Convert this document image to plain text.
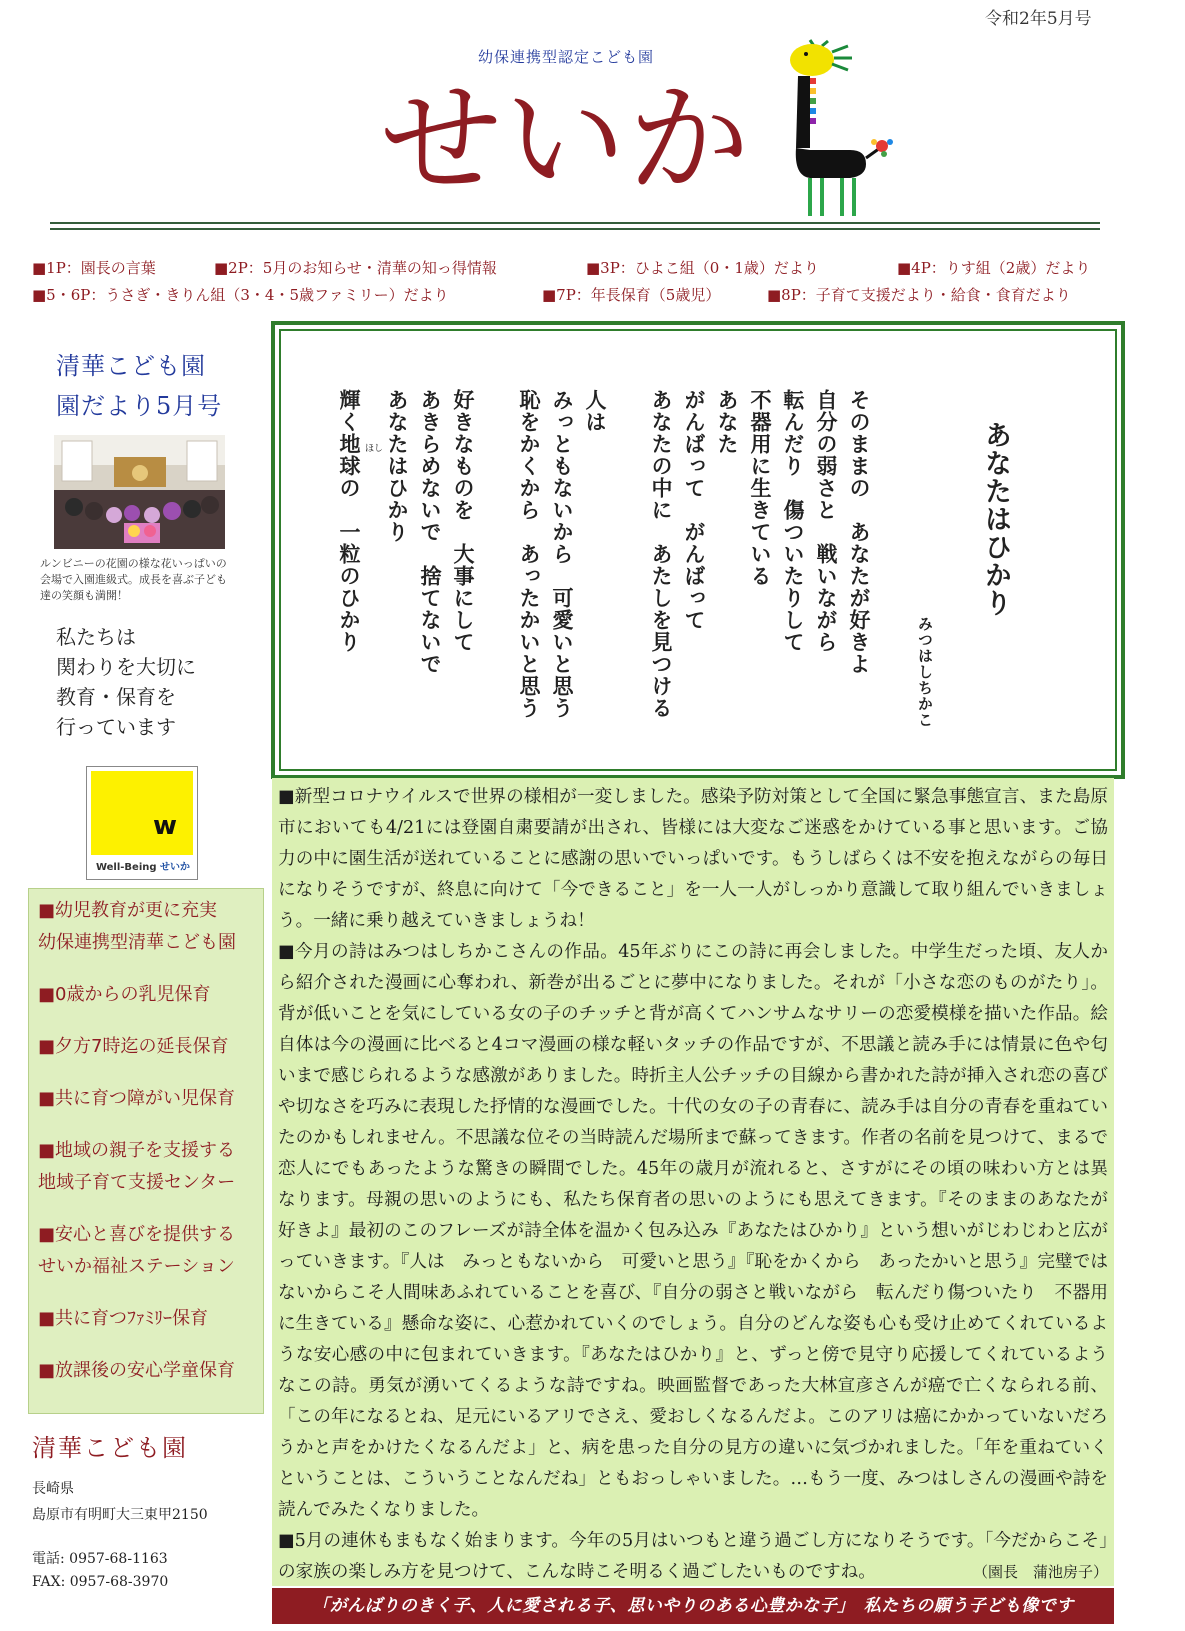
令和2年5月号
幼保連携型認定こども園
せいか
■1P：園長の言葉	■2P：5月のお知らせ・清華の知っ得情報	■3P：ひよこ組（0・1歳）だより	■4P：りす組（2歳）だより
■5・6P：うさぎ・きりん組（3・4・5歳ファミリー）だより	■7P：年長保育（5歳児）	■8P：子育て支援だより・給食・食育だより
清華こども園
園だより5月号
ルンビニーの花園の様な花いっぱいの会場で入園進級式。成長を喜ぶ子ども達の笑顔も満開！
私たちは
関わりを大切に
教育・保育を
行っています
w
Well-Being せいか
■幼児教育が更に充実
幼保連携型清華こども園
■0歳からの乳児保育
■夕方7時迄の延長保育
■共に育つ障がい児保育
■地域の親子を支援する
地域子育て支援センター
■安心と喜びを提供する
せいか福祉ステーション
■共に育つﾌｧﾐﾘｰ保育
■放課後の安心学童保育
清華こども園
長崎県
島原市有明町大三東甲2150
電話: 0957-68-1163
FAX: 0957-68-3970
あなたはひかり
みつはしちかこ
そのままの　あなたが好きよ
自分の弱さと　戦いながら
転んだり　傷ついたりして
不器用に生きている
あなた
がんばって　がんばって
あなたの中に　あたしを見つける
人は
みっともないから　可愛いと思う
恥をかくから　あったかいと思う
好きなものを　大事にして
あきらめないで　捨てないで
あなたはひかり
輝く地球の　一粒のひかり ほし

■新型コロナウイルスで世界の様相が一変しました。感染予防対策として全国に緊急事態宣言、また島原市においても4/21には登園自粛要請が出され、皆様には大変なご迷惑をかけている事と思います。ご協力の中に園生活が送れていることに感謝の思いでいっぱいです。もうしばらくは不安を抱えながらの毎日になりそうですが、終息に向けて「今できること」を一人一人がしっかり意識して取り組んでいきましょう。一緒に乗り越えていきましょうね！

■今月の詩はみつはしちかこさんの作品。45年ぶりにこの詩に再会しました。中学生だった頃、友人から紹介された漫画に心奪われ、新巻が出るごとに夢中になりました。それが「小さな恋のものがたり」。背が低いことを気にしている女の子のチッチと背が高くてハンサムなサリーの恋愛模様を描いた作品。絵自体は今の漫画に比べると4コマ漫画の様な軽いタッチの作品ですが、不思議と読み手には情景に色や匂いまで感じられるような感激がありました。時折主人公チッチの目線から書かれた詩が挿入され恋の喜びや切なさを巧みに表現した抒情的な漫画でした。十代の女の子の青春に、読み手は自分の青春を重ねていたのかもしれません。不思議な位その当時読んだ場所まで蘇ってきます。作者の名前を見つけて、まるで恋人にでもあったような驚きの瞬間でした。45年の歳月が流れると、さすがにその頃の味わい方とは異なります。母親の思いのようにも、私たち保育者の思いのようにも思えてきます。『そのままのあなたが好きよ』最初のこのフレーズが詩全体を温かく包み込み『あなたはひかり』という想いがじわじわと広がっていきます。『人は　みっともないから　可愛いと思う』『恥をかくから　あったかいと思う』完璧ではないからこそ人間味あふれていることを喜び、『自分の弱さと戦いながら　転んだり傷ついたり　不器用に生きている』懸命な姿に、心惹かれていくのでしょう。自分のどんな姿も心も受け止めてくれているような安心感の中に包まれていきます。『あなたはひかり』と、ずっと傍で見守り応援してくれているようなこの詩。勇気が湧いてくるような詩ですね。映画監督であった大林宣彦さんが癌で亡くなられる前、「この年になるとね、足元にいるアリでさえ、愛おしくなるんだよ。このアリは癌にかかっていないだろうかと声をかけたくなるんだよ」と、病を患った自分の見方の違いに気づかれました。「年を重ねていくということは、こういうことなんだね」ともおっしゃいました。…もう一度、みつはしさんの漫画や詩を読んでみたくなりました。

■5月の連休もまもなく始まります。今年の5月はいつもと違う過ごし方になりそうです。「今だからこそ」の家族の楽しみ方を見つけて、こんな時こそ明るく過ごしたいものですね。	（園長　蒲池房子）

「がんばりのきく子、人に愛される子、思いやりのある心豊かな子」　私たちの願う子ども像です
